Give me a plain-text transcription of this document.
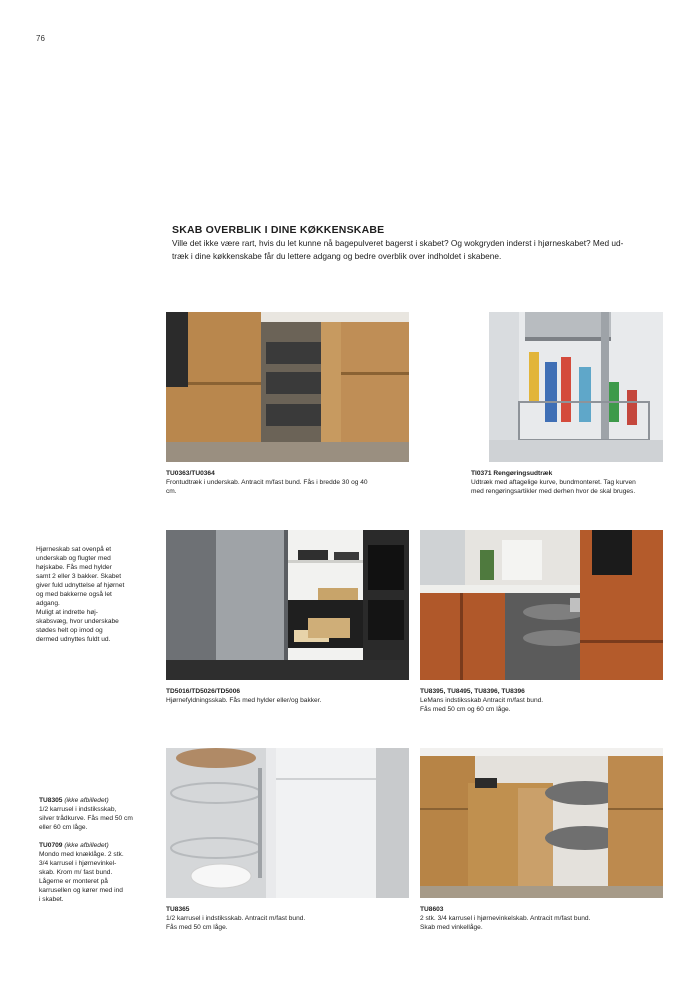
76
SKAB OVERBLIK I DINE KØKKENSKABE
Ville det ikke være rart, hvis du let kunne nå bagepulveret bagerst i skabet? Og wokgryden inderst i hjørneskabet? Med ud-
træk i dine køkkenskabe får du lettere adgang og bedre overblik over indholdet i skabene.
TU0363/TU0364
Frontudtræk i underskab. Antracit m/fast bund. Fås i bredde 30 og 40
cm.
TI0371 Rengøringsudtræk
Udtræk med aftagelige kurve, bundmonteret. Tag kurven
med rengøringsartikler med derhen hvor de skal bruges.
Hjørneskab sat ovenpå et
underskab og flugter med
højskabe. Fås med hylder
samt 2 eller 3 bakker. Skabet
giver fuld udnyttelse af hjørnet
og med bakkerne også let
adgang.
Muligt at indrette høj-
skabsvæg, hvor underskabe
stødes helt op imod og
dermed udnyttes fuldt ud.
TD5016/TD5026/TD5006
Hjørnefyldningsskab. Fås med hylder eller/og bakker.
TU8395, TU8495, TU8396, TU8396
LeMans indstiksskab Antracit m/fast bund.
Fås med 50 cm og 60 cm låge.
TU8305 (ikke afbilledet)
1/2 karrusel i indstiksskab,
silver trådkurve. Fås med 50 cm
eller 60 cm låge.
TU0709 (ikke afbilledet)
Mondo med knæklåge. 2 stk.
3/4 karrusel i hjørnevinkel-
skab. Krom m/ fast bund.
Lågerne er monteret på
karrusellen og kører med ind
i skabet.
TU8365
1/2 karrusel i indstiksskab. Antracit m/fast bund.
Fås med 50 cm låge.
TU8603
2 stk. 3/4 karrusel i hjørnevinkelskab. Antracit m/fast bund.
Skab med vinkellåge.
